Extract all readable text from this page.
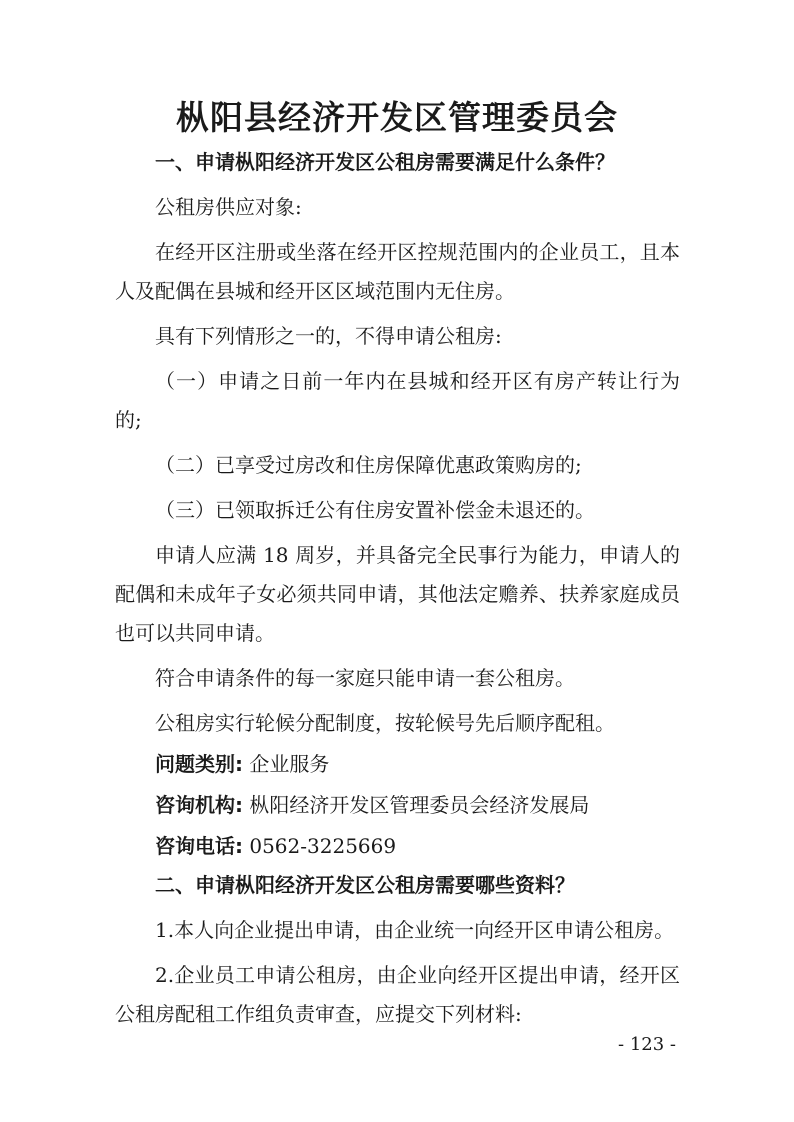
枞阳县经济开发区管理委员会

一、申请枞阳经济开发区公租房需要满足什么条件？

公租房供应对象:

在经开区注册或坐落在经开区控规范围内的企业员工，且本人及配偶在县城和经开区区域范围内无住房。

具有下列情形之一的，不得申请公租房:

（一）申请之日前一年内在县城和经开区有房产转让行为的;

（二）已享受过房改和住房保障优惠政策购房的;

（三）已领取拆迁公有住房安置补偿金未退还的。

申请人应满 18 周岁，并具备完全民事行为能力，申请人的配偶和未成年子女必须共同申请，其他法定赡养、扶养家庭成员也可以共同申请。

符合申请条件的每一家庭只能申请一套公租房。

公租房实行轮候分配制度，按轮候号先后顺序配租。

问题类别: 企业服务

咨询机构: 枞阳经济开发区管理委员会经济发展局

咨询电话: 0562-3225669

二、申请枞阳经济开发区公租房需要哪些资料？

1.本人向企业提出申请，由企业统一向经开区申请公租房。

2.企业员工申请公租房，由企业向经开区提出申请，经开区公租房配租工作组负责审查，应提交下列材料:

- 123 -
